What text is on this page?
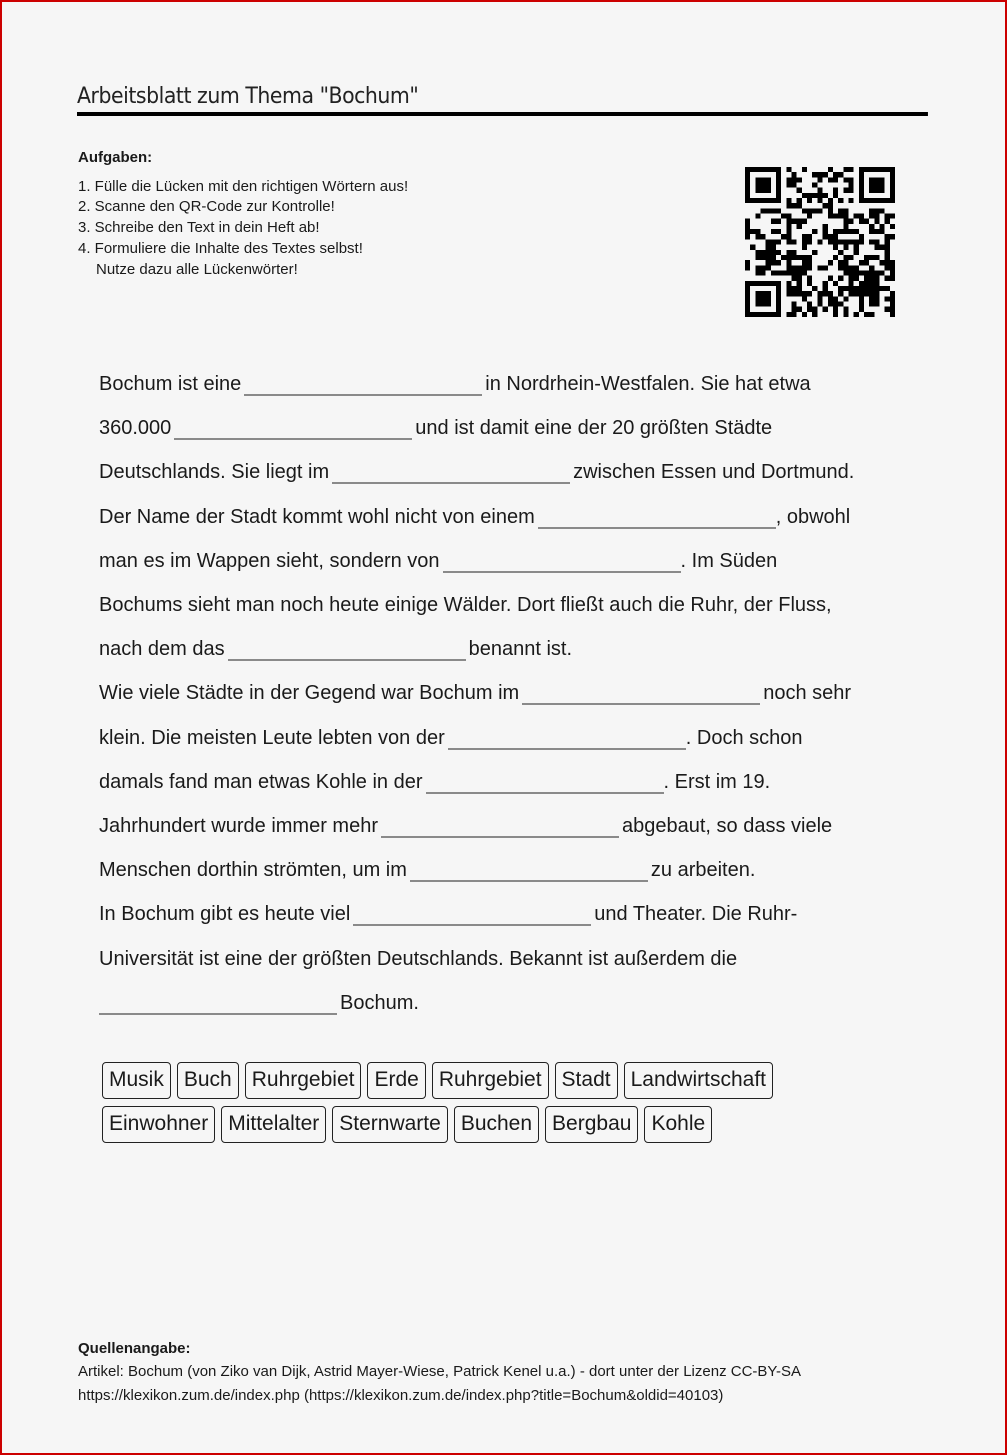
Arbeitsblatt zum Thema "Bochum"
Aufgaben:
1. Fülle die Lücken mit den richtigen Wörtern aus!
2. Scanne den QR-Code zur Kontrolle!
3. Schreibe den Text in dein Heft ab!
4. Formuliere die Inhalte des Textes selbst!
Nutze dazu alle Lückenwörter!
Bochum ist eine	in Nordrhein-Westfalen. Sie hat etwa
360.000	und ist damit eine der 20 größten Städte
Deutschlands. Sie liegt im	zwischen Essen und Dortmund.
Der Name der Stadt kommt wohl nicht von einem	, obwohl
man es im Wappen sieht, sondern von	. Im Süden
Bochums sieht man noch heute einige Wälder. Dort fließt auch die Ruhr, der Fluss,
nach dem das	benannt ist.
Wie viele Städte in der Gegend war Bochum im	noch sehr
klein. Die meisten Leute lebten von der	. Doch schon
damals fand man etwas Kohle in der	. Erst im 19.
Jahrhundert wurde immer mehr	abgebaut, so dass viele
Menschen dorthin strömten, um im	zu arbeiten.
In Bochum gibt es heute viel	und Theater. Die Ruhr-
Universität ist eine der größten Deutschlands. Bekannt ist außerdem die
Bochum.
Musik Buch Ruhrgebiet Erde Ruhrgebiet Stadt Landwirtschaft
Einwohner Mittelalter Sternwarte Buchen Bergbau Kohle
Quellenangabe:
Artikel: Bochum (von Ziko van Dijk, Astrid Mayer-Wiese, Patrick Kenel u.a.) - dort unter der Lizenz CC-BY-SA
https://klexikon.zum.de/index.php (https://klexikon.zum.de/index.php?title=Bochum&oldid=40103)
